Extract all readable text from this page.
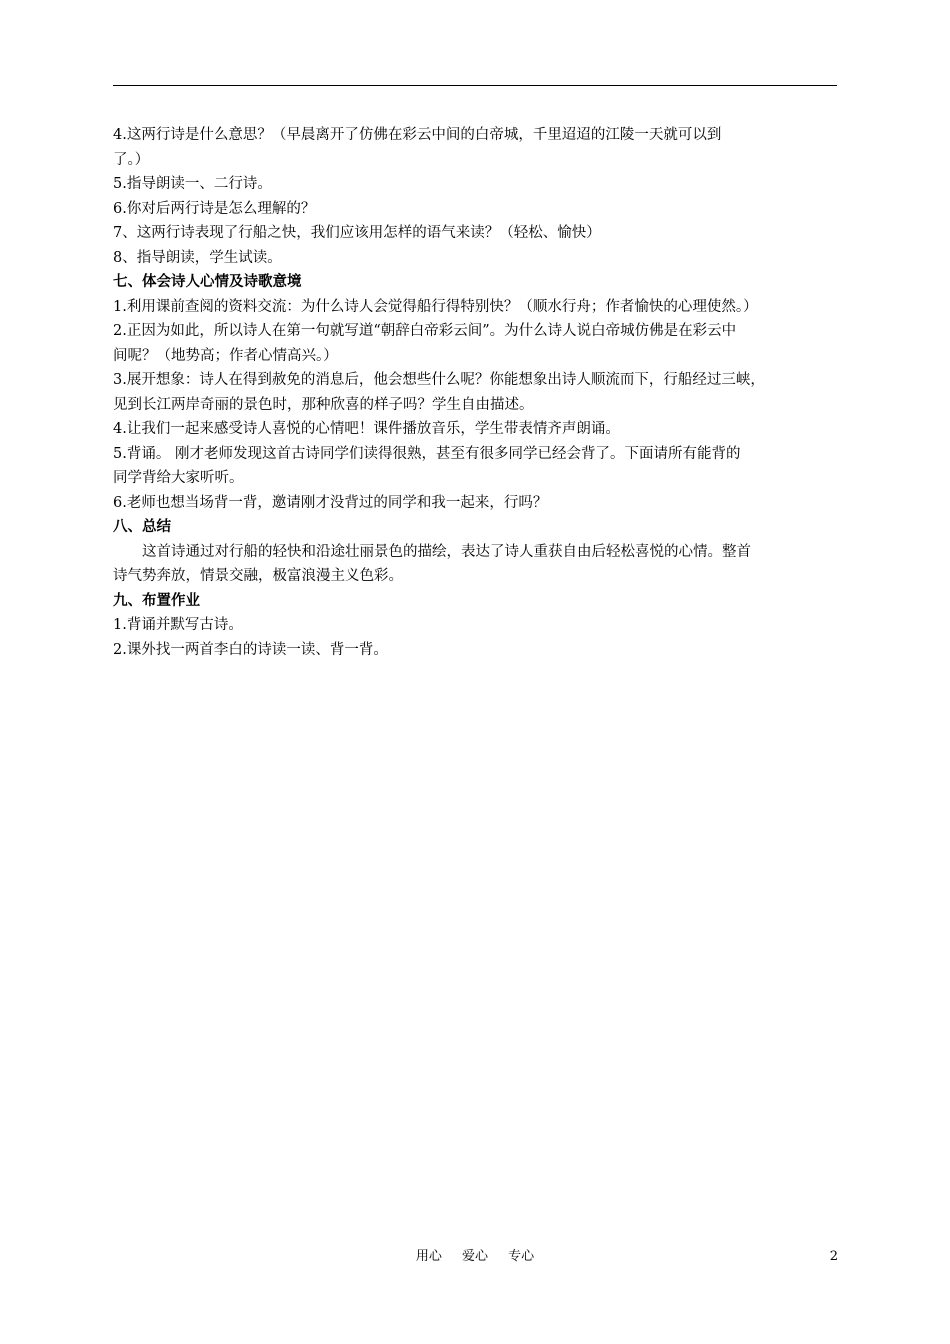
4.这两行诗是什么意思？（早晨离开了仿佛在彩云中间的白帝城，千里迢迢的江陵一天就可以到
了。）
5.指导朗读一、二行诗。
6.你对后两行诗是怎么理解的？
7、这两行诗表现了行船之快，我们应该用怎样的语气来读？（轻松、愉快）
8、指导朗读，学生试读。
七、体会诗人心情及诗歌意境
1.利用课前查阅的资料交流：为什么诗人会觉得船行得特别快？（顺水行舟；作者愉快的心理使然。）
2.正因为如此，所以诗人在第一句就写道“朝辞白帝彩云间”。为什么诗人说白帝城仿佛是在彩云中
间呢？（地势高；作者心情高兴。）
3.展开想象：诗人在得到赦免的消息后，他会想些什么呢？你能想象出诗人顺流而下，行船经过三峡，
见到长江两岸奇丽的景色时，那种欣喜的样子吗？学生自由描述。
4.让我们一起来感受诗人喜悦的心情吧！课件播放音乐，学生带表情齐声朗诵。
5.背诵。 刚才老师发现这首古诗同学们读得很熟，甚至有很多同学已经会背了。下面请所有能背的
同学背给大家听听。
6.老师也想当场背一背，邀请刚才没背过的同学和我一起来，行吗？
八、总结
这首诗通过对行船的轻快和沿途壮丽景色的描绘，表达了诗人重获自由后轻松喜悦的心情。整首
诗气势奔放，情景交融，极富浪漫主义色彩。
九、布置作业
1.背诵并默写古诗。
2.课外找一两首李白的诗读一读、背一背。
用心 爱心 专心	2
